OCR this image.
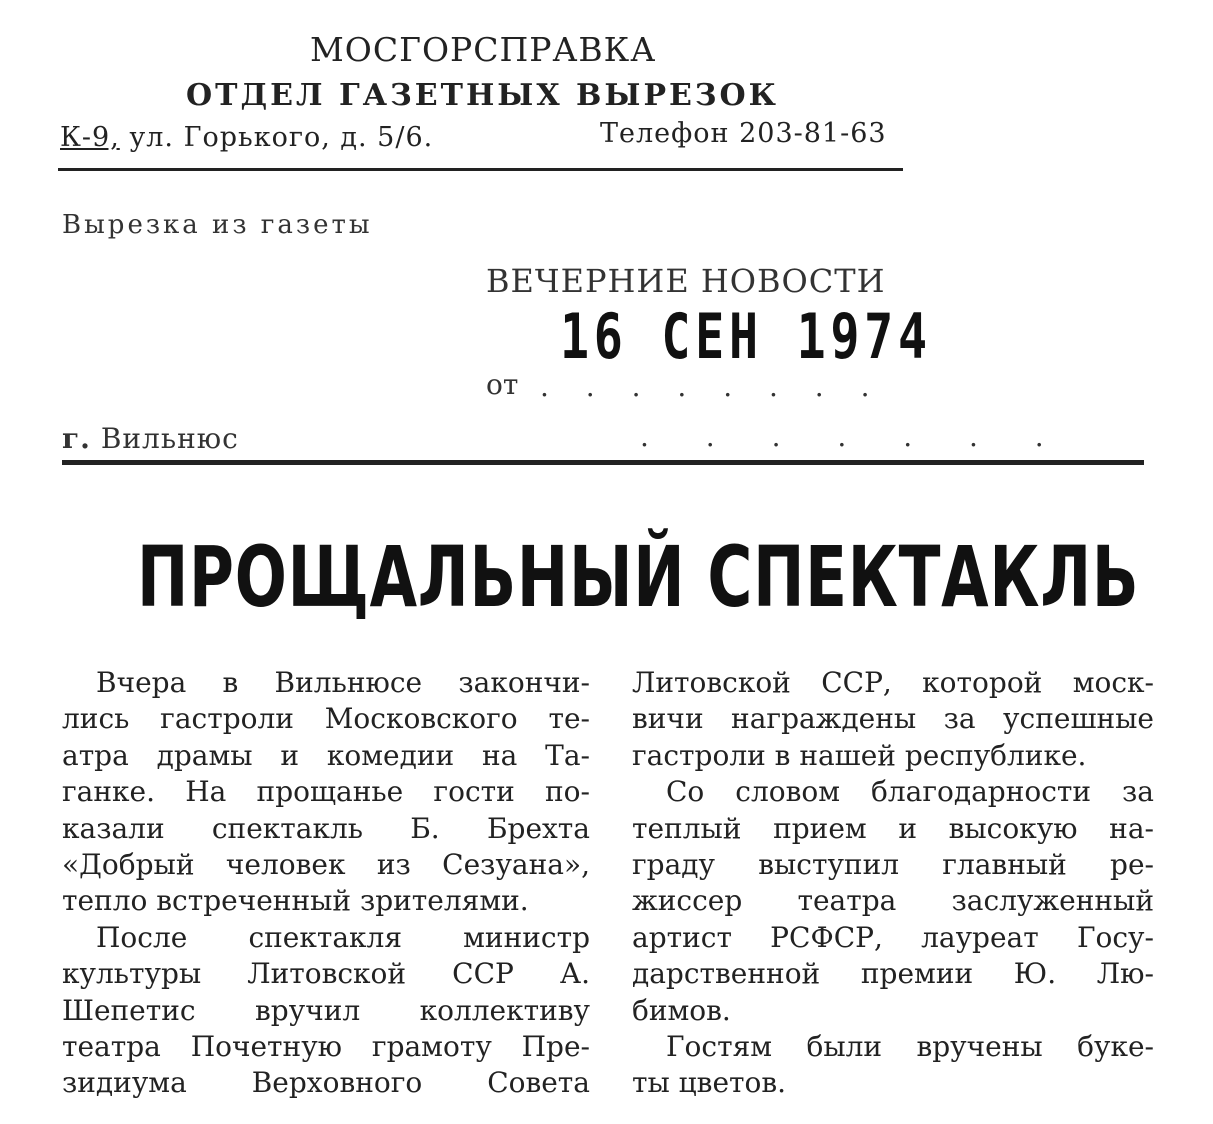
МОСГОРСПРАВКА
ОТДЕЛ ГАЗЕТНЫХ ВЫРЕЗОК
К-9, ул. Горького, д. 5/6.	Телефон 203-81-63
Вырезка из газеты
ВЕЧЕРНИЕ НОВОСТИ
16 СЕН 1974
от . . . . . . . .
г. Вильнюс	. . . . . . .
ПРОЩАЛЬНЫЙ СПЕКТАКЛЬ
Вчера в Вильнюсе закончи-
лись гастроли Московского те-
атра драмы и комедии на Та-
ганке. На прощанье гости по-
казали спектакль Б. Брехта
«Добрый человек из Сезуана»,
тепло встреченный зрителями.
После спектакля министр
культуры Литовской ССР А.
Шепетис вручил коллективу
театра Почетную грамоту Пре-
зидиума Верховного Совета
Литовской ССР, которой моск-
вичи награждены за успешные
гастроли в нашей республике.
Со словом благодарности за
теплый прием и высокую на-
граду выступил главный ре-
жиссер театра заслуженный
артист РСФСР, лауреат Госу-
дарственной премии Ю. Лю-
бимов.
Гостям были вручены буке-
ты цветов.
